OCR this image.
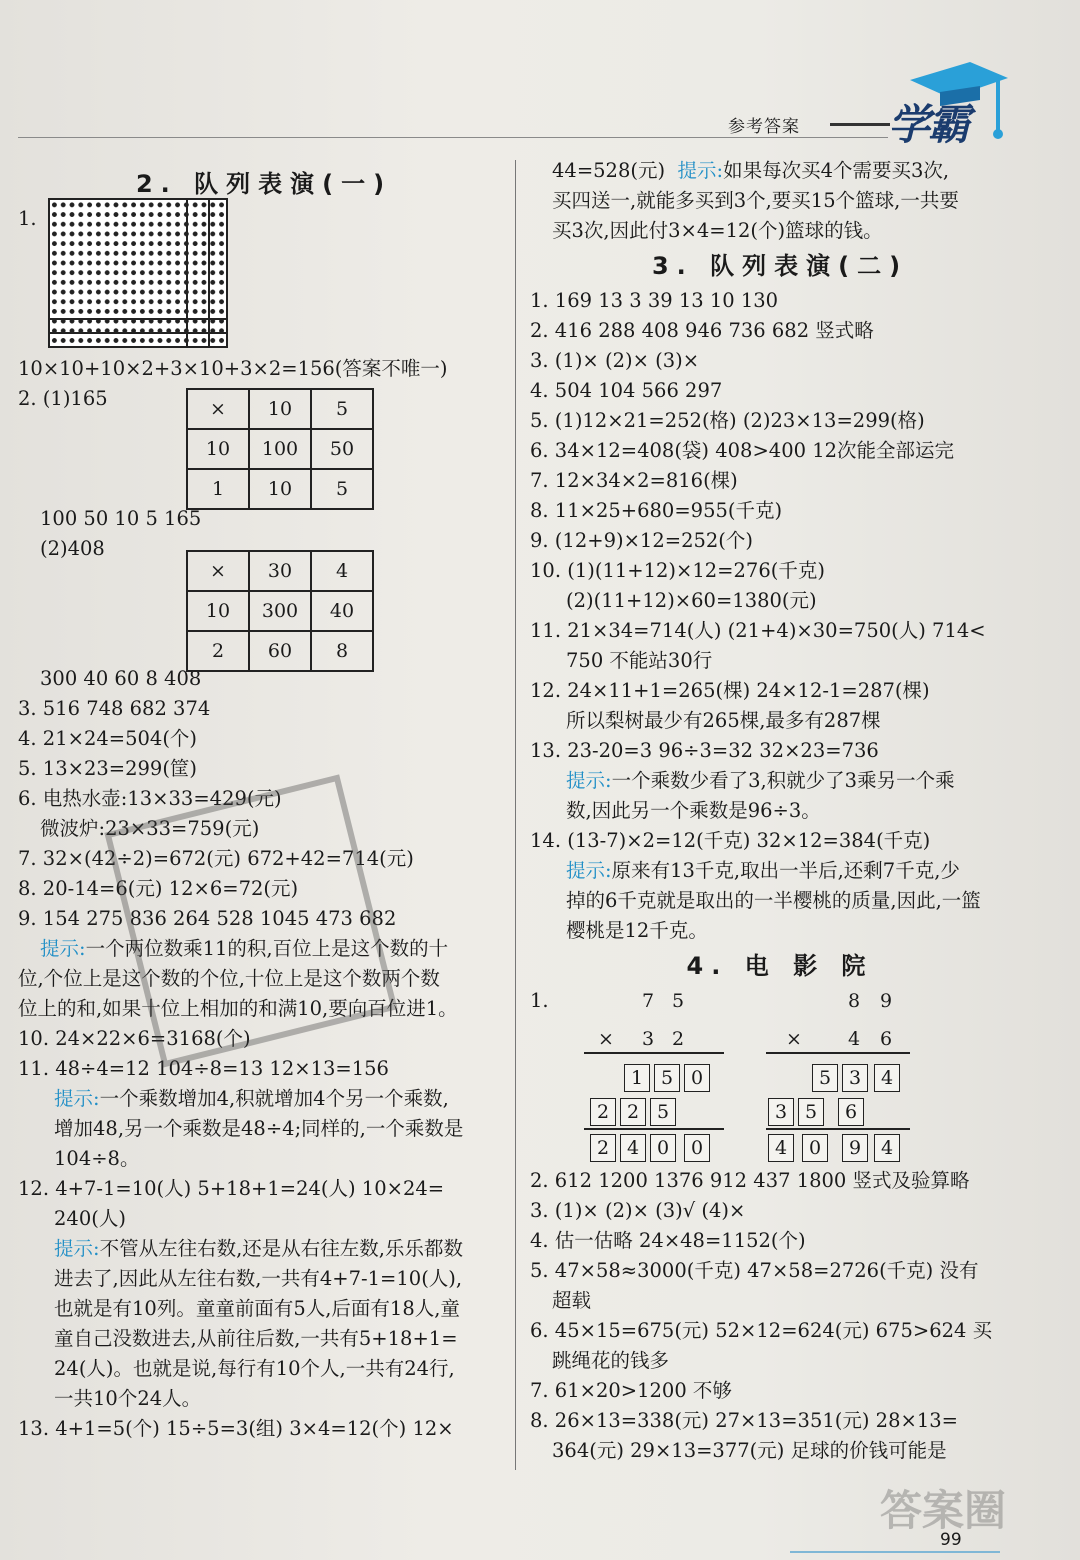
参考答案 学霸
2. 队列表演(一)
1.
10×10+10×2+3×10+3×2=156(答案不唯一)
2. (1)165
100 50 10 5 165
(2)408
300 40 60 8 408
3. 516 748 682 374
4. 21×24=504(个)
5. 13×23=299(筐)
6. 电热水壶:13×33=429(元)
微波炉:23×33=759(元)
7. 32×(42÷2)=672(元) 672+42=714(元)
8. 20-14=6(元) 12×6=72(元)
9. 154 275 836 264 528 1045 473 682
提示:一个两位数乘11的积,百位上是这个数的十
位,个位上是这个数的个位,十位上是这个数两个数
位上的和,如果十位上相加的和满10,要向百位进1。
10. 24×22×6=3168(个)
11. 48÷4=12 104÷8=13 12×13=156
提示:一个乘数增加4,积就增加4个另一个乘数,
增加48,另一个乘数是48÷4;同样的,一个乘数是
104÷8。
12. 4+7-1=10(人) 5+18+1=24(人) 10×24=
240(人)
提示:不管从左往右数,还是从右往左数,乐乐都数
进去了,因此从左往右数,一共有4+7-1=10(人),
也就是有10列。童童前面有5人,后面有18人,童
童自己没数进去,从前往后数,一共有5+18+1=
24(人)。也就是说,每行有10个人,一共有24行,
一共10个24人。
13. 4+1=5(个) 15÷5=3(组) 3×4=12(个) 12×
×	10	5
10	100	50
1	10	5
×	30	4
10	300	40
2	60	8
44=528(元) 提示:如果每次买4个需要买3次,
买四送一,就能多买到3个,要买15个篮球,一共要
买3次,因此付3×4=12(个)篮球的钱。
3. 队列表演(二)
1. 169 13 3 39 13 10 130
2. 416 288 408 946 736 682 竖式略
3. (1)× (2)× (3)×
4. 504 104 566 297
5. (1)12×21=252(格) (2)23×13=299(格)
6. 34×12=408(袋) 408>400 12次能全部运完
7. 12×34×2=816(棵)
8. 11×25+680=955(千克)
9. (12+9)×12=252(个)
10. (1)(11+12)×12=276(千克)
(2)(11+12)×60=1380(元)
11. 21×34=714(人) (21+4)×30=750(人) 714<
750 不能站30行
12. 24×11+1=265(棵) 24×12-1=287(棵)
所以梨树最少有265棵,最多有287棵
13. 23-20=3 96÷3=32 32×23=736
提示:一个乘数少看了3,积就少了3乘另一个乘
数,因此另一个乘数是96÷3。
14. (13-7)×2=12(千克) 32×12=384(千克)
提示:原来有13千克,取出一半后,还剩7千克,少
掉的6千克就是取出的一半樱桃的质量,因此,一篮
樱桃是12千克。
4. 电 影 院
1.
2. 612 1200 1376 912 437 1800 竖式及验算略
3. (1)× (2)× (3)√ (4)×
4. 估一估略 24×48=1152(个)
5. 47×58≈3000(千克) 47×58=2726(千克) 没有
超载
6. 45×15=675(元) 52×12=624(元) 675>624 买
跳绳花的钱多
7. 61×20>1200 不够
8. 26×13=338(元) 27×13=351(元) 28×13=
364(元) 29×13=377(元) 足球的价钱可能是
7 5
×	3 2
1 5 0
2 2 5
2 4 0	0
8	9
×	4	6
5 3	4
3 5	6
4	0	9	4
答案圈
99
